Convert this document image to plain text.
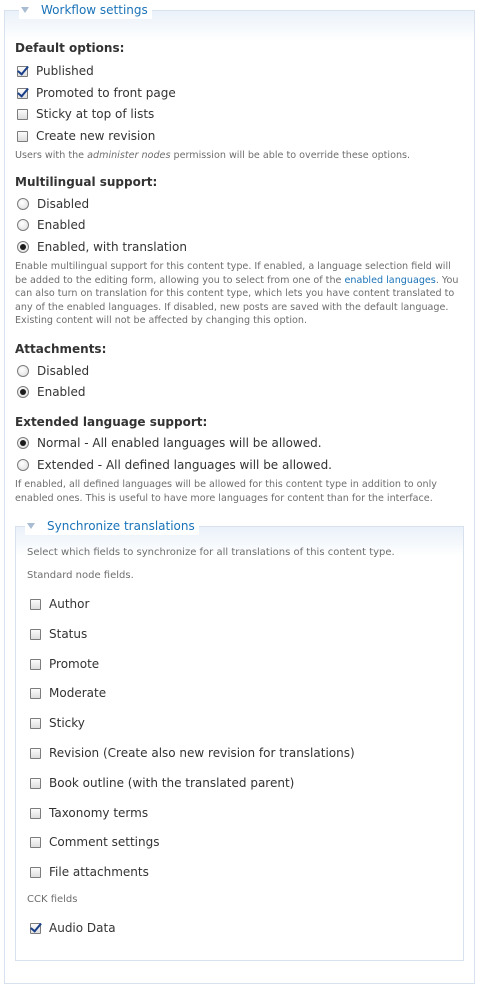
Workflow settings
Default options:
Published
Promoted to front page
Sticky at top of lists
Create new revision
Users with the administer nodes permission will be able to override these options.
Multilingual support:
Disabled
Enabled
Enabled, with translation
Enable multilingual support for this content type. If enabled, a language selection field will be added to the editing form, allowing you to select from one of the enabled languages. You can also turn on translation for this content type, which lets you have content translated to any of the enabled languages. If disabled, new posts are saved with the default language. Existing content will not be affected by changing this option.
Attachments:
Disabled
Enabled
Extended language support:
Normal - All enabled languages will be allowed.
Extended - All defined languages will be allowed.
If enabled, all defined languages will be allowed for this content type in addition to only enabled ones. This is useful to have more languages for content than for the interface.
Synchronize translations
Select which fields to synchronize for all translations of this content type.
Standard node fields.
Author
Status
Promote
Moderate
Sticky
Revision (Create also new revision for translations)
Book outline (with the translated parent)
Taxonomy terms
Comment settings
File attachments
CCK fields
Audio Data
